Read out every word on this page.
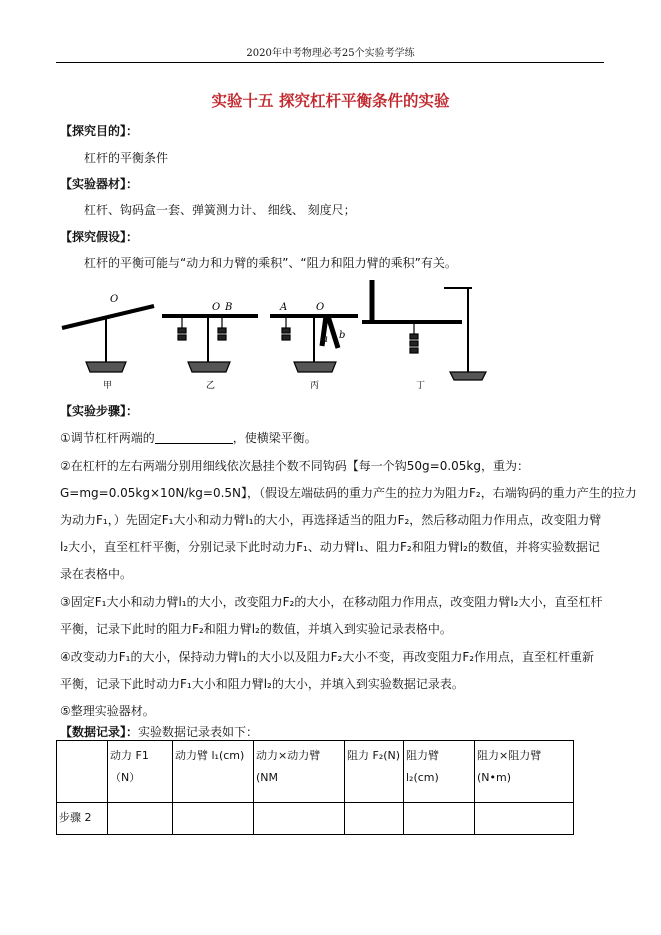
2020年中考物理必考25个实验考学练
实验十五 探究杠杆平衡条件的实验
【探究目的】：
杠杆的平衡条件
【实验器材】：
杠杆、钩码盒一套、弹簧测力计、 细线、 刻度尺；
【探究假设】：
杠杆的平衡可能与“动力和力臂的乘积”、“阻力和阻力臂的乘积”有关。
O
O B	A	O
a b
甲	乙	丙	丁
【实验步骤】：
①调节杠杆两端的	，使横梁平衡。
②在杠杆的左右两端分别用细线依次悬挂个数不同钩码【每一个钩50g=0.05kg，重为：
G=mg=0.05kg×10N/kg=0.5N】，（假设左端砝码的重力产生的拉力为阻力F₂，右端钩码的重力产生的拉力
为动力F₁，）先固定F₁大小和动力臂l₁的大小，再选择适当的阻力F₂，然后移动阻力作用点，改变阻力臂
l₂大小，直至杠杆平衡，分别记录下此时动力F₁、动力臂l₁、阻力F₂和阻力臂l₂的数值，并将实验数据记
录在表格中。
③固定F₁大小和动力臂l₁的大小，改变阻力F₂的大小，在移动阻力作用点，改变阻力臂l₂大小，直至杠杆
平衡，记录下此时的阻力F₂和阻力臂l₂的数值，并填入到实验记录表格中。
④改变动力F₁的大小，保持动力臂l₁的大小以及阻力F₂大小不变，再改变阻力F₂作用点，直至杠杆重新
平衡，记录下此时动力F₁大小和阻力臂l₂的大小，并填入到实验数据记录表。
⑤整理实验器材。
【数据记录】：实验数据记录表如下：
	动力 F1（N）	动力臂 l₁(cm)	动力×动力臂(NM	阻力 F₂(N)	阻力臂 l₂(cm)	阻力×阻力臂(N•m)
步骤 2						
